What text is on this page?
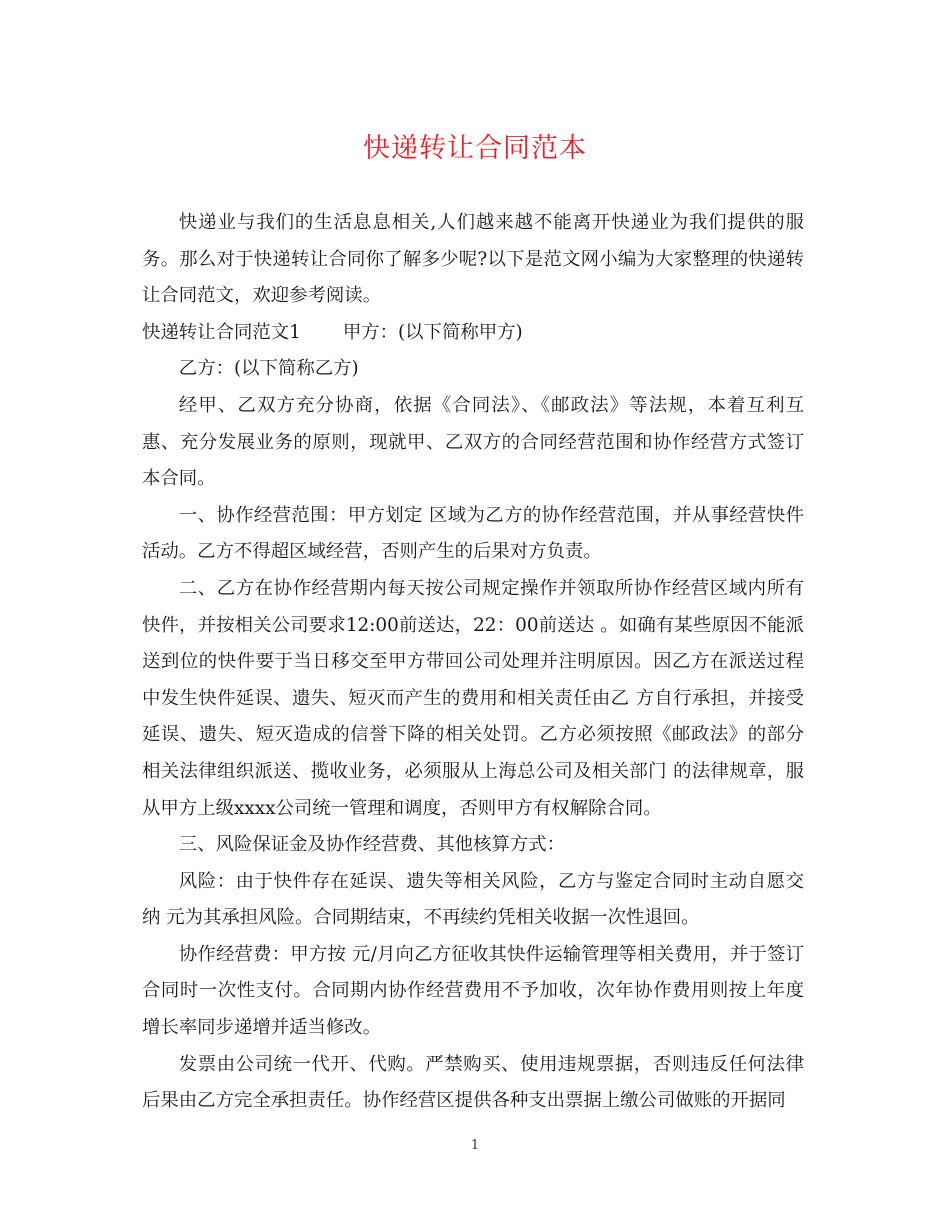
快递转让合同范本

快递业与我们的生活息息相关,人们越来越不能离开快递业为我们提供的服务。那么对于快递转让合同你了解多少呢?以下是范文网小编为大家整理的快递转让合同范文，欢迎参考阅读。

快递转让合同范文1 甲方：(以下简称甲方)

乙方：(以下简称乙方)

经甲、乙双方充分协商，依据《合同法》、《邮政法》等法规，本着互利互惠、充分发展业务的原则，现就甲、乙双方的合同经营范围和协作经营方式签订本合同。

一、协作经营范围：甲方划定 区域为乙方的协作经营范围，并从事经营快件活动。乙方不得超区域经营，否则产生的后果对方负责。

二、乙方在协作经营期内每天按公司规定操作并领取所协作经营区域内所有快件，并按相关公司要求12:00前送达，22：00前送达 。如确有某些原因不能派送到位的快件要于当日移交至甲方带回公司处理并注明原因。因乙方在派送过程中发生快件延误、遗失、短灭而产生的费用和相关责任由乙 方自行承担，并接受延误、遗失、短灭造成的信誉下降的相关处罚。乙方必须按照《邮政法》的部分相关法律组织派送、揽收业务，必须服从上海总公司及相关部门 的法律规章，服从甲方上级xxxx公司统一管理和调度，否则甲方有权解除合同。

三、风险保证金及协作经营费、其他核算方式：

风险：由于快件存在延误、遗失等相关风险，乙方与鉴定合同时主动自愿交纳 元为其承担风险。合同期结束，不再续约凭相关收据一次性退回。

协作经营费：甲方按 元/月向乙方征收其快件运输管理等相关费用，并于签订合同时一次性支付。合同期内协作经营费用不予加收，次年协作费用则按上年度增长率同步递增并适当修改。

发票由公司统一代开、代购。严禁购买、使用违规票据，否则违反任何法律后果由乙方完全承担责任。协作经营区提供各种支出票据上缴公司做账的开据同

1
